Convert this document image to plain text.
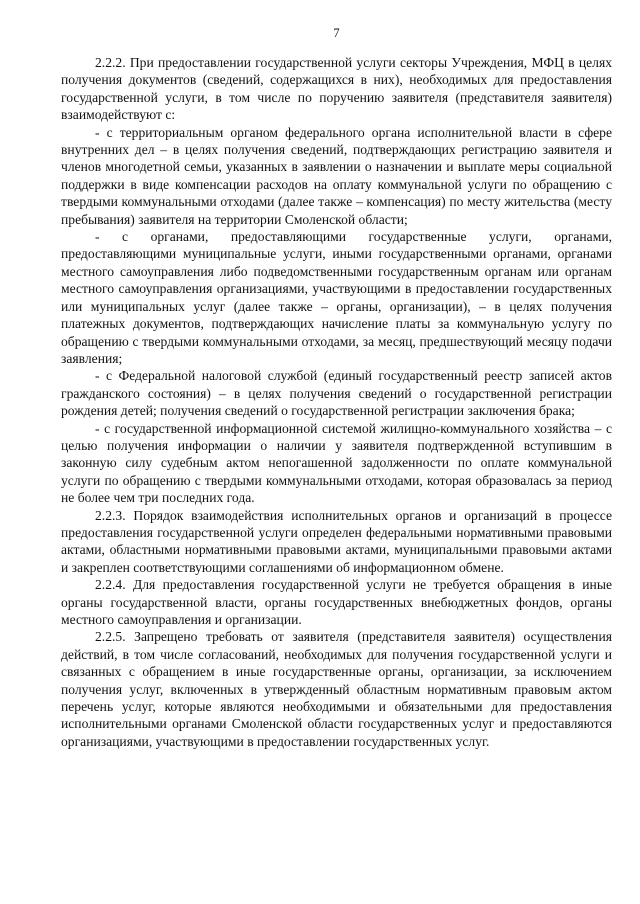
7

2.2.2. При предоставлении государственной услуги секторы Учреждения, МФЦ в целях получения документов (сведений, содержащихся в них), необходимых для предоставления государственной услуги, в том числе по поручению заявителя (представителя заявителя) взаимодействуют с:

- с территориальным органом федерального органа исполнительной власти в сфере внутренних дел – в целях получения сведений, подтверждающих регистрацию заявителя и членов многодетной семьи, указанных в заявлении о назначении и выплате меры социальной поддержки в виде компенсации расходов на оплату коммунальной услуги по обращению с твердыми коммунальными отходами (далее также – компенсация) по месту жительства (месту пребывания) заявителя на территории Смоленской области;

- с органами, предоставляющими государственные услуги, органами, предоставляющими муниципальные услуги, иными государственными органами, органами местного самоуправления либо подведомственными государственным органам или органам местного самоуправления организациями, участвующими в предоставлении государственных или муниципальных услуг (далее также – органы, организации), – в целях получения платежных документов, подтверждающих начисление платы за коммунальную услугу по обращению с твердыми коммунальными отходами, за месяц, предшествующий месяцу подачи заявления;

- с Федеральной налоговой службой (единый государственный реестр записей актов гражданского состояния) – в целях получения сведений о государственной регистрации рождения детей; получения сведений о государственной регистрации заключения брака;

- с государственной информационной системой жилищно-коммунального хозяйства – с целью получения информации о наличии у заявителя подтвержденной вступившим в законную силу судебным актом непогашенной задолженности по оплате коммунальной услуги по обращению с твердыми коммунальными отходами, которая образовалась за период не более чем три последних года.

2.2.3. Порядок взаимодействия исполнительных органов и организаций в процессе предоставления государственной услуги определен федеральными нормативными правовыми актами, областными нормативными правовыми актами, муниципальными правовыми актами и закреплен соответствующими соглашениями об информационном обмене.

2.2.4. Для предоставления государственной услуги не требуется обращения в иные органы государственной власти, органы государственных внебюджетных фондов, органы местного самоуправления и организации.

2.2.5. Запрещено требовать от заявителя (представителя заявителя) осуществления действий, в том числе согласований, необходимых для получения государственной услуги и связанных с обращением в иные государственные органы, организации, за исключением получения услуг, включенных в утвержденный областным нормативным правовым актом перечень услуг, которые являются необходимыми и обязательными для предоставления исполнительными органами Смоленской области государственных услуг и предоставляются организациями, участвующими в предоставлении государственных услуг.
